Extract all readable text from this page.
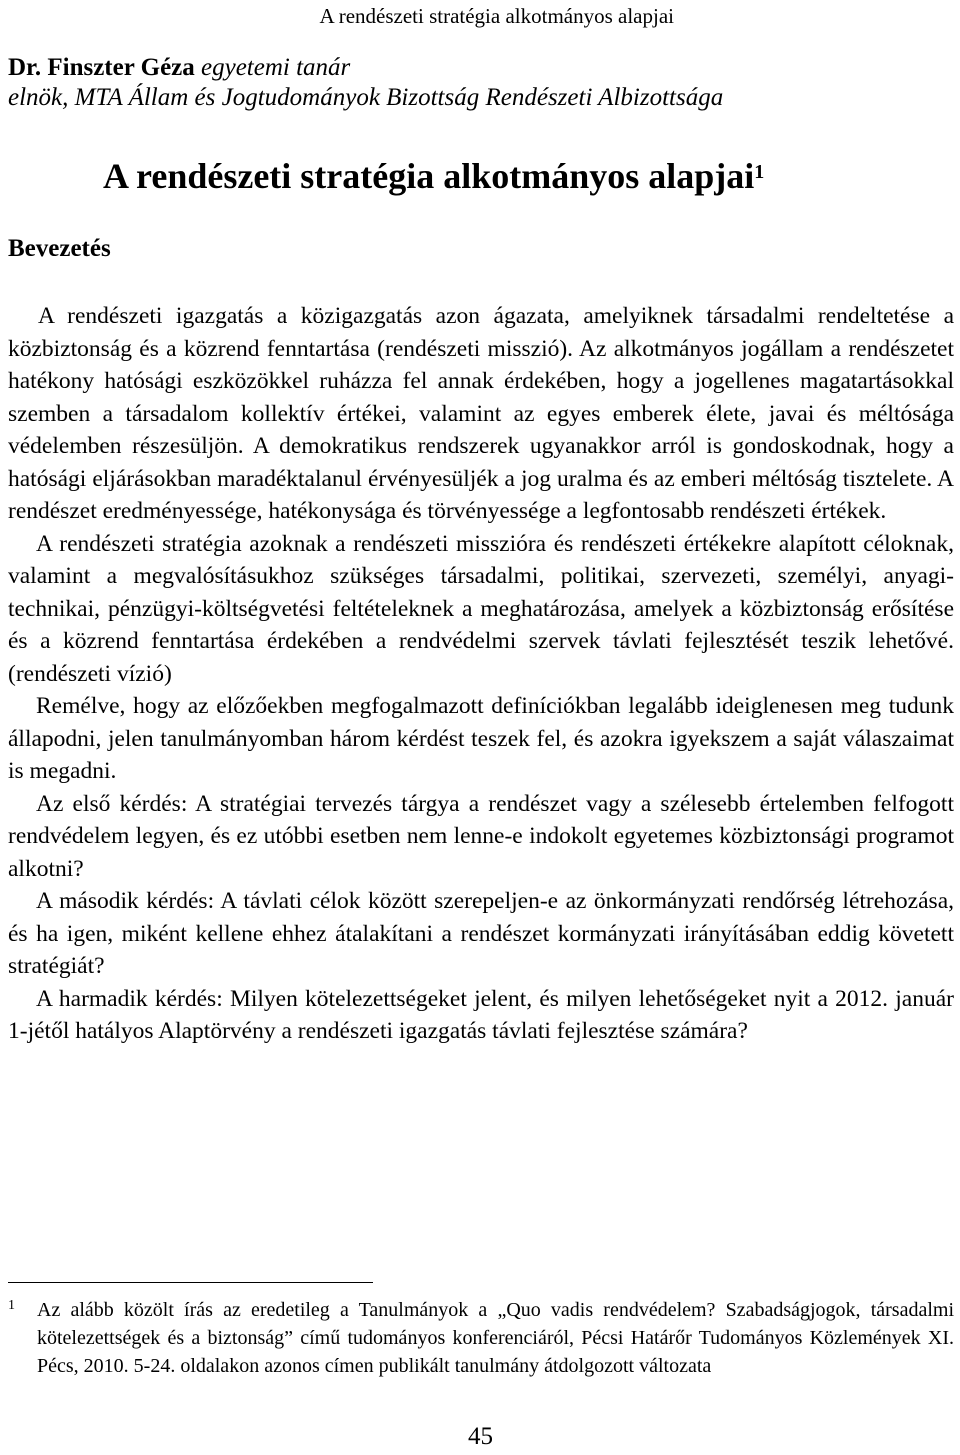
A rendészeti stratégia alkotmányos alapjai
Dr. Finszter Géza egyetemi tanár
elnök, MTA Állam és Jogtudományok Bizottság Rendészeti Albizottsága
A rendészeti stratégia alkotmányos alapjai$^1$
Bevezetés

A rendészeti igazgatás a közigazgatás azon ágazata, amelyiknek társadalmi rendeltetése a közbiztonság és a közrend fenntartása (rendészeti misszió). Az alkotmányos jogállam a rendészetet hatékony hatósági eszközökkel ruházza fel annak érdekében, hogy a jogellenes magatartásokkal szemben a társadalom kollektív értékei, valamint az egyes emberek élete, javai és méltósága védelemben részesüljön. A demokratikus rendszerek ugyanakkor arról is gondoskodnak, hogy a hatósági eljárásokban maradéktalanul érvényesüljék a jog uralma és az emberi méltóság tisztelete. A rendészet eredményessége, hatékonysága és törvényessége a legfontosabb rendészeti értékek.

A rendészeti stratégia azoknak a rendészeti misszióra és rendészeti értékekre alapított céloknak, valamint a megvalósításukhoz szükséges társadalmi, politikai, szervezeti, személyi, anyagi-technikai, pénzügyi-költségvetési feltételeknek a meghatározása, amelyek a közbiztonság erősítése és a közrend fenntartása érdekében a rendvédelmi szervek távlati fejlesztését teszik lehetővé. (rendészeti vízió)

Remélve, hogy az előzőekben megfogalmazott definíciókban legalább ideiglenesen meg tudunk állapodni, jelen tanulmányomban három kérdést teszek fel, és azokra igyekszem a saját válaszaimat is megadni.

Az első kérdés: A stratégiai tervezés tárgya a rendészet vagy a szélesebb értelemben felfogott rendvédelem legyen, és ez utóbbi esetben nem lenne-e indokolt egyetemes közbiztonsági programot alkotni?

A második kérdés: A távlati célok között szerepeljen-e az önkormányzati rendőrség létrehozása, és ha igen, miként kellene ehhez átalakítani a rendészet kormányzati irányításában eddig követett stratégiát?

A harmadik kérdés: Milyen kötelezettségeket jelent, és milyen lehetőségeket nyit a 2012. január 1-jétől hatályos Alaptörvény a rendészeti igazgatás távlati fejlesztése számára?

1 Az alább közölt írás az eredetileg a Tanulmányok a „Quo vadis rendvédelem? Szabadságjogok, társadalmi kötelezettségek és a biztonság” című tudományos konferenciáról, Pécsi Határőr Tudományos Közlemények XI. Pécs, 2010. 5-24. oldalakon azonos címen publikált tanulmány átdolgozott változata
45
